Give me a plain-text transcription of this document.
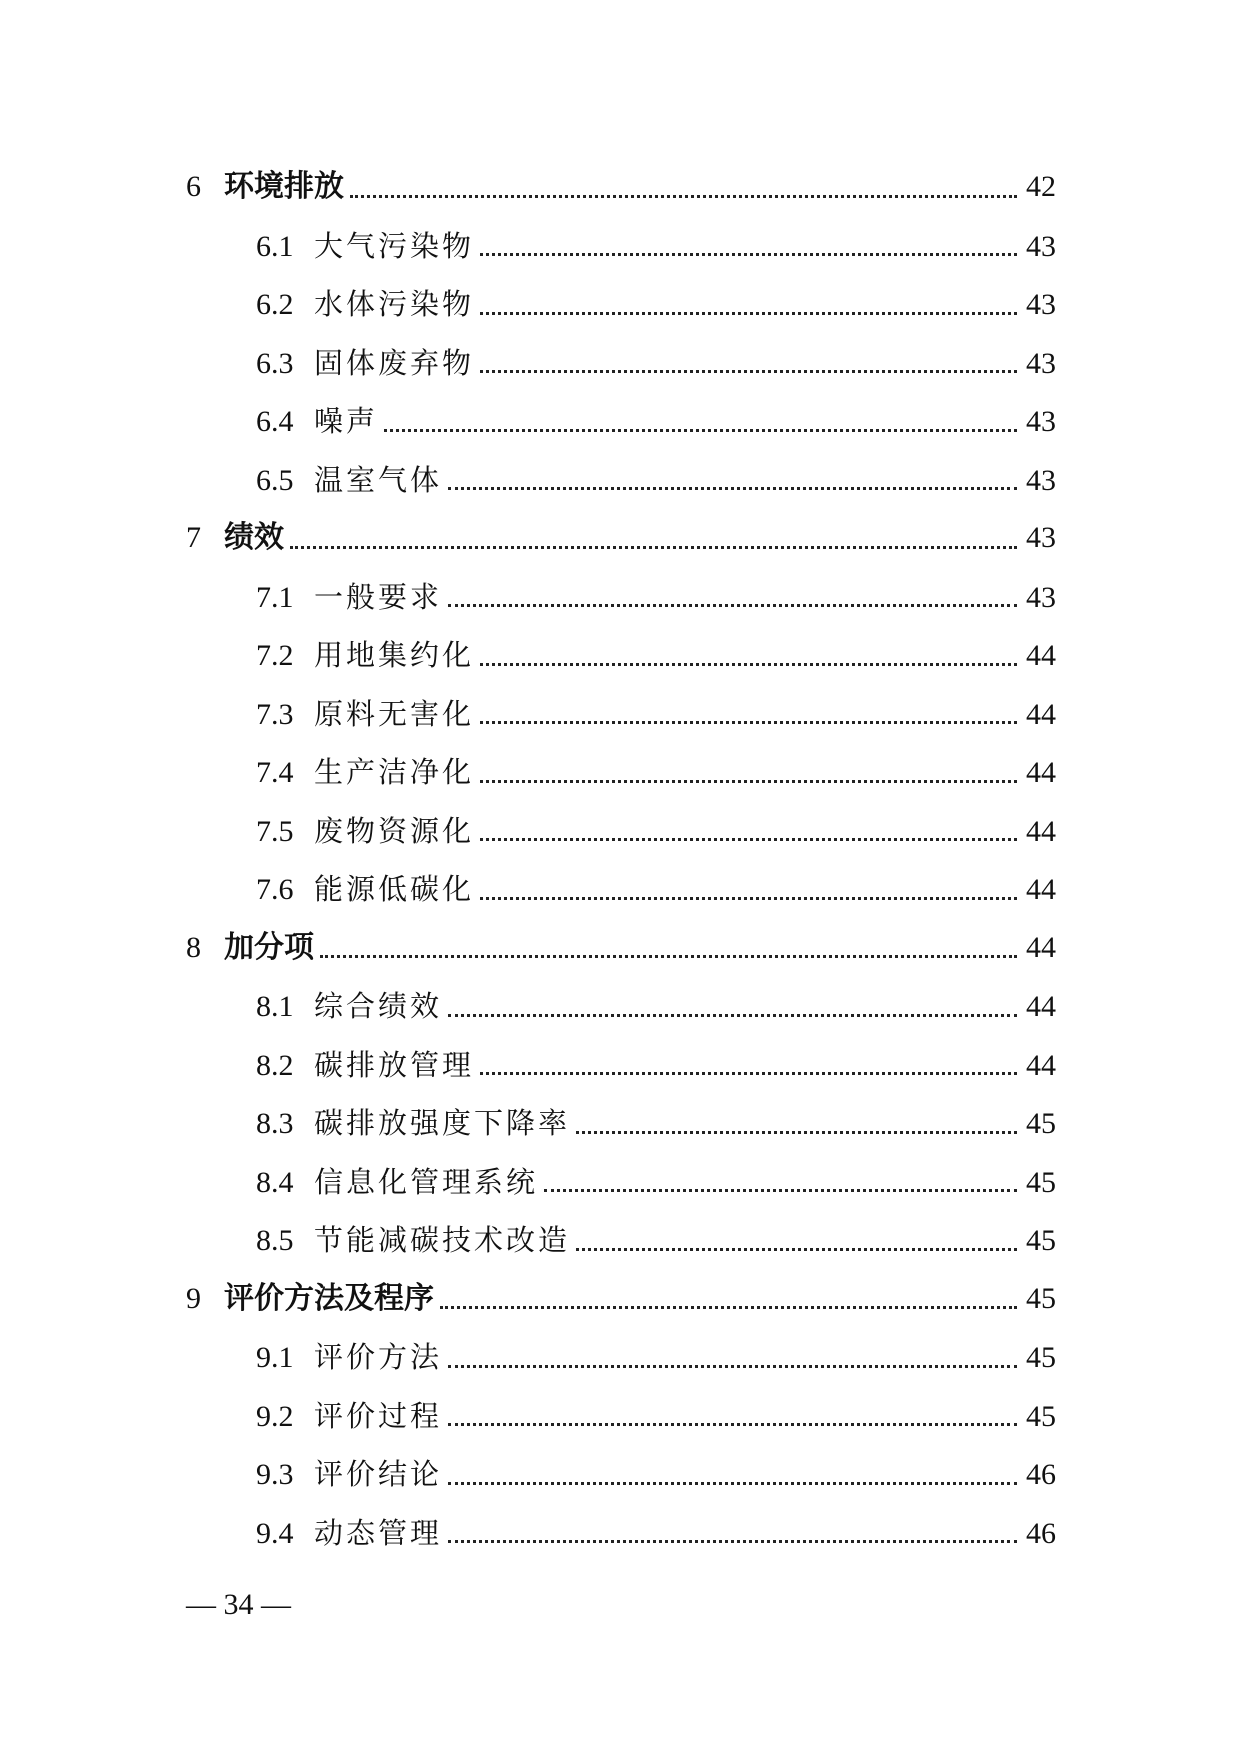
6 环境排放	42
6.1 大气污染物	43
6.2 水体污染物	43
6.3 固体废弃物	43
6.4 噪声	43
6.5 温室气体	43
7 绩效	43
7.1 一般要求	43
7.2 用地集约化	44
7.3 原料无害化	44
7.4 生产洁净化	44
7.5 废物资源化	44
7.6 能源低碳化	44
8 加分项	44
8.1 综合绩效	44
8.2 碳排放管理	44
8.3 碳排放强度下降率	45
8.4 信息化管理系统	45
8.5 节能减碳技术改造	45
9 评价方法及程序	45
9.1 评价方法	45
9.2 评价过程	45
9.3 评价结论	46
9.4 动态管理	46
— 34 —
